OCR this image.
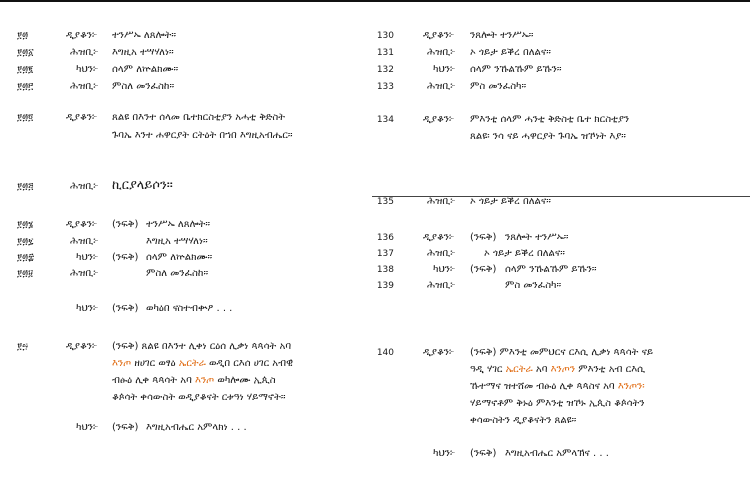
፻፴	ዲያቆን፦ ተንሥኡ ለጸሎት።
፻፴፩	ሕዝቢ፦ እግዚአ ተሣሃለነ።
፻፴፪	ካህን፦ ሰላም ለኵልክሙ።
፻፴፫	ሕዝቢ፦ ምስለ መንፈስከ።
፻፴፬	ዲያቆን፦ ጸልዩ በእንተ ሰላመ ቤተክርስቲያን አሓቲ ቅድስት
ጉባኤ እንተ ሐዋርያት ርትዕት በኀበ እግዚአብሔር።
፻፴፭	ሕዝቢ፦ ኪርያላይሶን።
፻፴፮	ዲያቆን፦ (ንፍቅ) ተንሥኡ ለጸሎት።
፻፴፯	ሕዝቢ፦	እግዚአ ተሣሃለነ።
፻፴፰	ካህን፦ (ንፍቅ) ሰላም ለኵልክሙ።
፻፴፱	ሕዝቢ፦	ምስለ መንፈስከ።
ካህን፦ (ንፍቅ) ወካዕበ ናስተብቍዖ . . .
፻፵	ዲያቆን፦ (ንፍቅ) ጸልዩ በእንተ ሊቀነ ርዕሰ ሊቃነ ጳጳሳት አባ
እንጦ ዘሀገር ወፃዕ ኤርትራ ወዲበ ርእሰ ሀገር አብዊ
ብፁዕ ሊቀ ጳጳሳት አባ እንጦ ወካሎሙ ኢጲስ
ቆጶሳት ቀሳውስት ወዲያቆናት ርቱዓነ ሃይማኖት።
ካህን፦ (ንፍቅ) እግዚአብሔር አምላክነ . . .
130	ዲያቆን፦ ንጸሎት ተንሥኡ።
131	ሕዝቢ፦ ኦ ጎይታ ይቕረ በለልና።
132	ካህን፦ ሰላም ንኹልኹም ይኹን።
133	ሕዝቢ፦ ምስ መንፈስካ።
134	ዲያቆን፦ ምእንቲ ሰላም ሓንቲ ቅድስቲ ቤተ ክርስቲያን
ጸልዩ፡ ንሳ ናይ ሓዋርያት ጉባኤ ዝኾነት እያ።
135	ሕዝቢ፦ ኦ ጎይታ ይቕረ በለልና።
136	ዲያቆን፦ (ንፍቅ) ንጸሎት ተንሥኡ።
137	ሕዝቢ፦	ኦ ጎይታ ይቕረ በለልና።
138	ካህን፦ (ንፍቅ) ሰላም ንኹልኹም ይኹን።
139	ሕዝቢ፦	ምስ መንፈስካ።
140	ዲያቆን፦ (ንፍቅ) ምእንቲ መምህርና ርእሲ ሊቃነ ጳጳሳት ናይ
ዓዲ ሃገር ኤርትራ አባ እንጦን ምእንቲ አብ ርእሲ
ኹተማና ዝተሸመ ብፁዕ ሊቀ ጳጳስና አባ እንጦን፡
ሃይማኖቶም ቅኑዕ ምእንቲ ዝኾኑ ኢጲስ ቆጶሳትን
ቀሳውስትን ዲያቆናትን ጸልዩ።
ካህን፦ (ንፍቅ) እግዚአብሔር አምላኽና . . .
